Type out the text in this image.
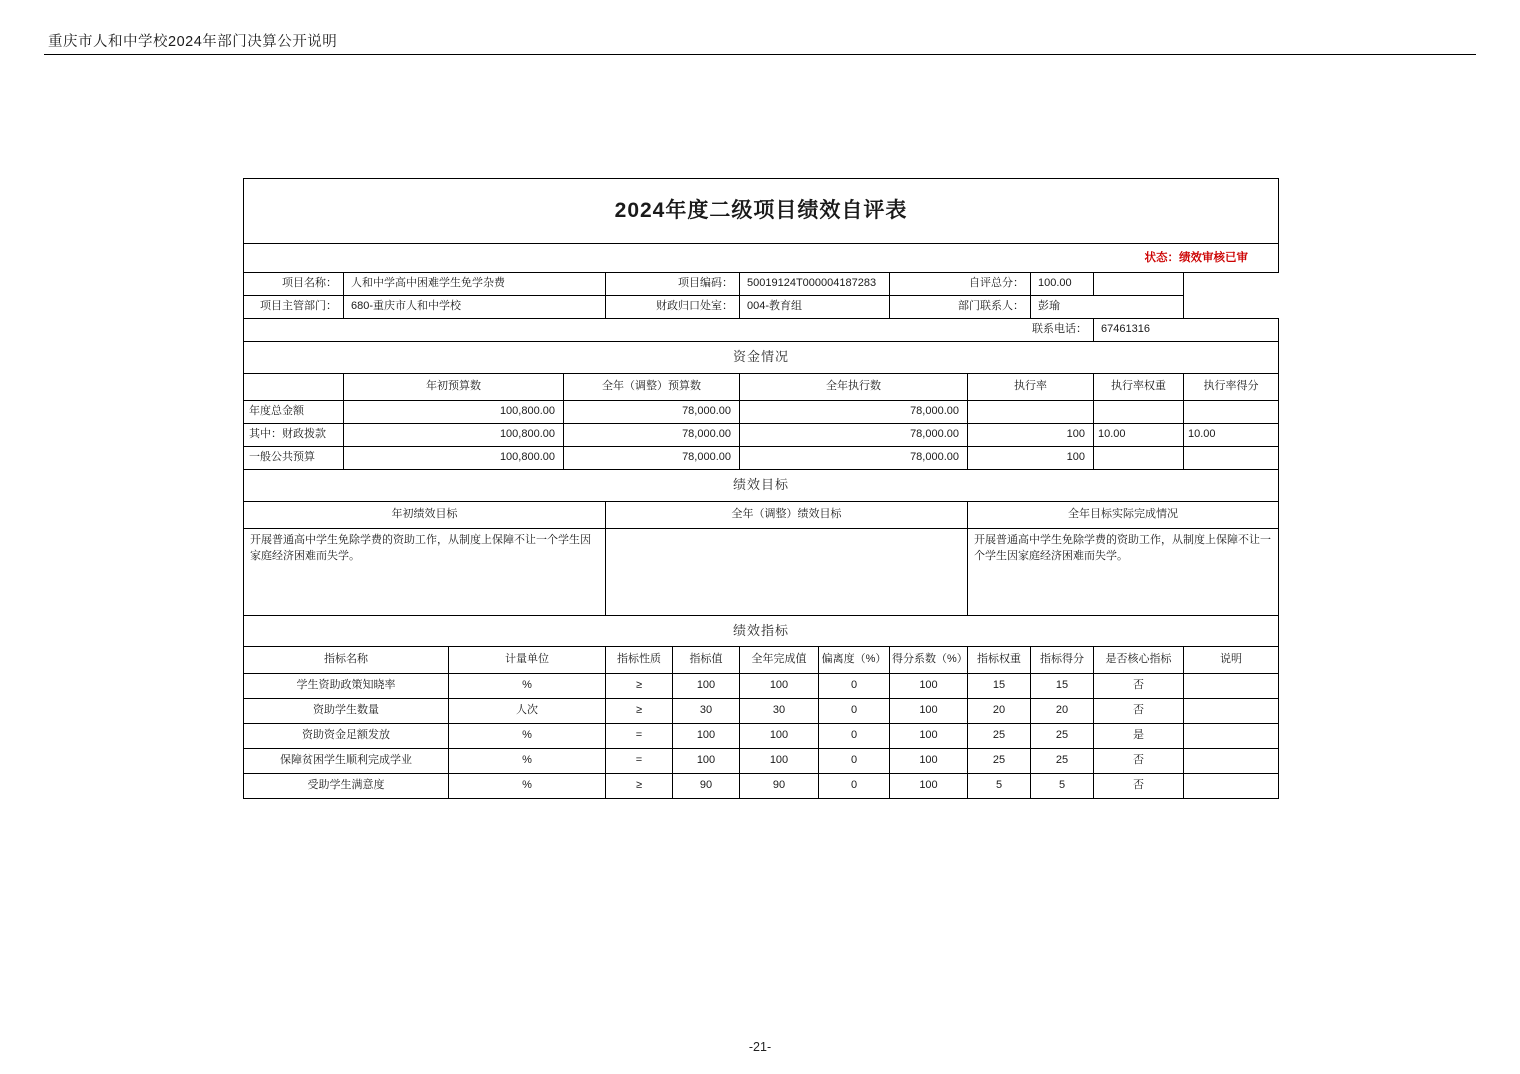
重庆市人和中学校2024年部门决算公开说明
2024年度二级项目绩效自评表												
状态：绩效审核已审												
项目名称：	人和中学高中困难学生免学杂费			项目编码：		50019124T000004187283		自评总分：		100.00		
项目主管部门：	680-重庆市人和中学校			财政归口处室：		004-教育组		部门联系人：		彭瑜		
联系电话：											67461316	
资金情况												
	年初预算数		全年（调整）预算数			全年执行数			执行率		执行率权重	执行率得分
年度总金额	100,800.00		78,000.00			78,000.00						
其中：财政拨款	100,800.00		78,000.00			78,000.00			100		10.00	10.00
一般公共预算	100,800.00		78,000.00			78,000.00			100			
绩效目标												
年初绩效目标				全年（调整）绩效目标					全年目标实际完成情况			
开展普通高中学生免除学费的资助工作，从制度上保障不让一个学生因家庭经济困难而失学。									开展普通高中学生免除学费的资助工作，从制度上保障不让一个学生因家庭经济困难而失学。			
绩效指标												
指标名称		计量单位		指标性质	指标值	全年完成值	偏离度（%）	得分系数（%）	指标权重	指标得分	是否核心指标	说明
学生资助政策知晓率		%		≥	100	100	0	100	15	15	否	
资助学生数量		人次		≥	30	30	0	100	20	20	否	
资助资金足额发放		%		=	100	100	0	100	25	25	是	
保障贫困学生顺利完成学业		%		=	100	100	0	100	25	25	否	
受助学生满意度		%		≥	90	90	0	100	5	5	否	
-21-
